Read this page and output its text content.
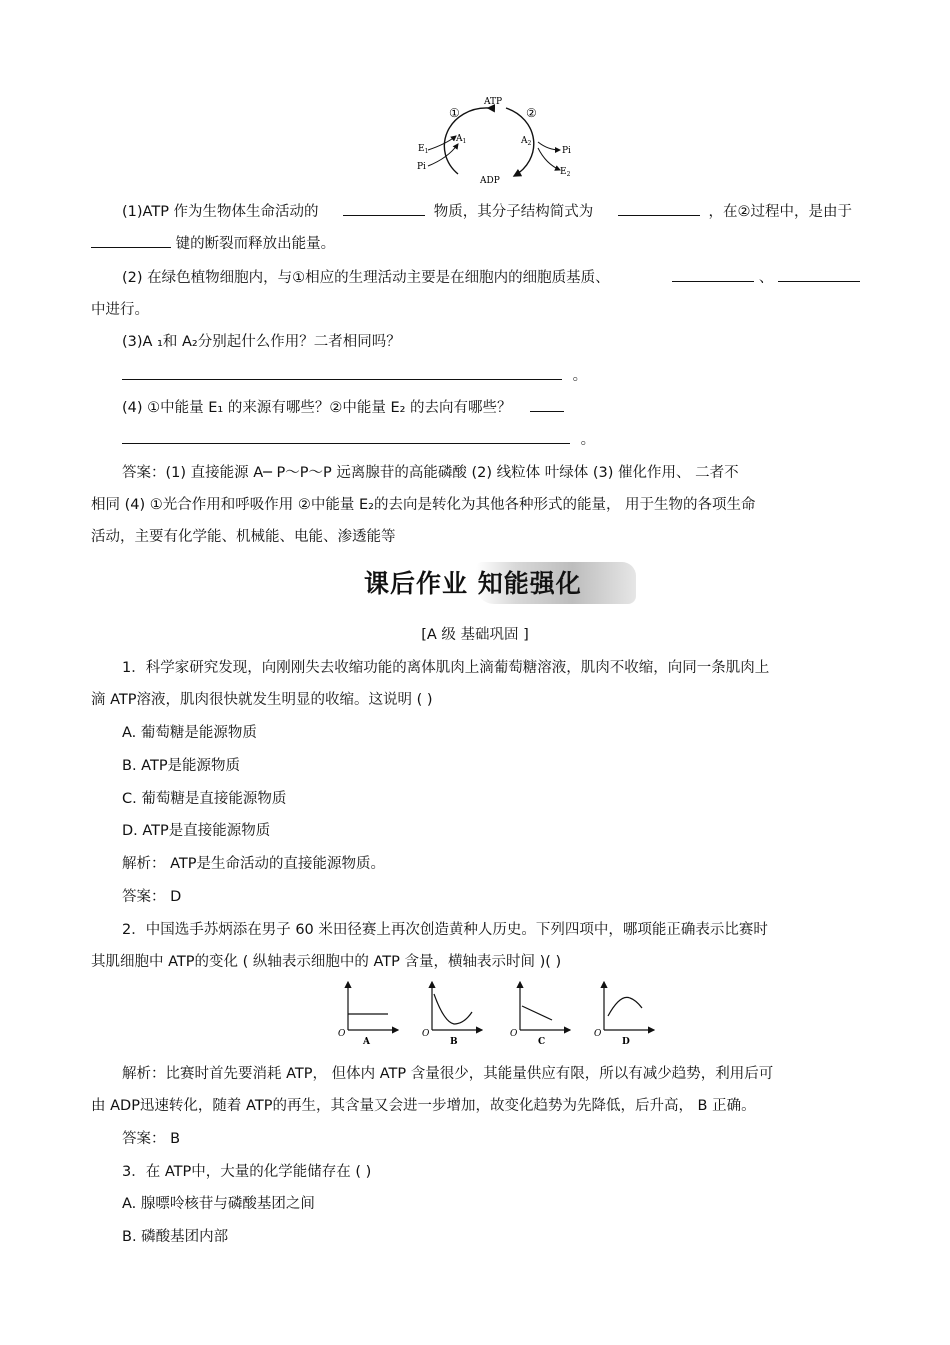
ATP
ADP
①	②
$A_1$	$A_2$
$E_1$
Pi
Pi
$E_2$
(1)ATP 作为生物体生命活动的	物质，其分子结构简式为	，在②过程中，是由于
键的断裂而释放出能量。
(2) 在绿色植物细胞内，与①相应的生理活动主要是在细胞内的细胞质基质、	、
中进行。
(3)A ₁和 A₂分别起什么作用？二者相同吗？
。
(4) ①中能量 E₁ 的来源有哪些？②中能量 E₂ 的去向有哪些？
。
答案：(1) 直接能源 A─ P～P～P 远离腺苷的高能磷酸 (2) 线粒体 叶绿体 (3) 催化作用、 二者不
相同 (4) ①光合作用和呼吸作用 ②中能量 E₂的去向是转化为其他各种形式的能量， 用于生物的各项生命
活动，主要有化学能、机械能、电能、渗透能等
课后作业 知能强化
[A 级 基础巩固 ]
1．科学家研究发现，向刚刚失去收缩功能的离体肌肉上滴葡萄糖溶液，肌肉不收缩，向同一条肌肉上
滴 ATP溶液，肌肉很快就发生明显的收缩。这说明 ( )
A. 葡萄糖是能源物质
B. ATP是能源物质
C. 葡萄糖是直接能源物质
D. ATP是直接能源物质
解析： ATP是生命活动的直接能源物质。
答案： D
2．中国选手苏炳添在男子 60 米田径赛上再次创造黄种人历史。下列四项中，哪项能正确表示比赛时
其肌细胞中 ATP的变化 ( 纵轴表示细胞中的 ATP 含量，横轴表示时间 )( )
O
A
O
B
O
C
O
D
解析：比赛时首先要消耗 ATP， 但体内 ATP 含量很少，其能量供应有限，所以有减少趋势，利用后可
由 ADP迅速转化，随着 ATP的再生，其含量又会进一步增加，故变化趋势为先降低，后升高， B 正确。
答案： B
3．在 ATP中，大量的化学能储存在 ( )
A. 腺嘌呤核苷与磷酸基团之间
B. 磷酸基团内部
